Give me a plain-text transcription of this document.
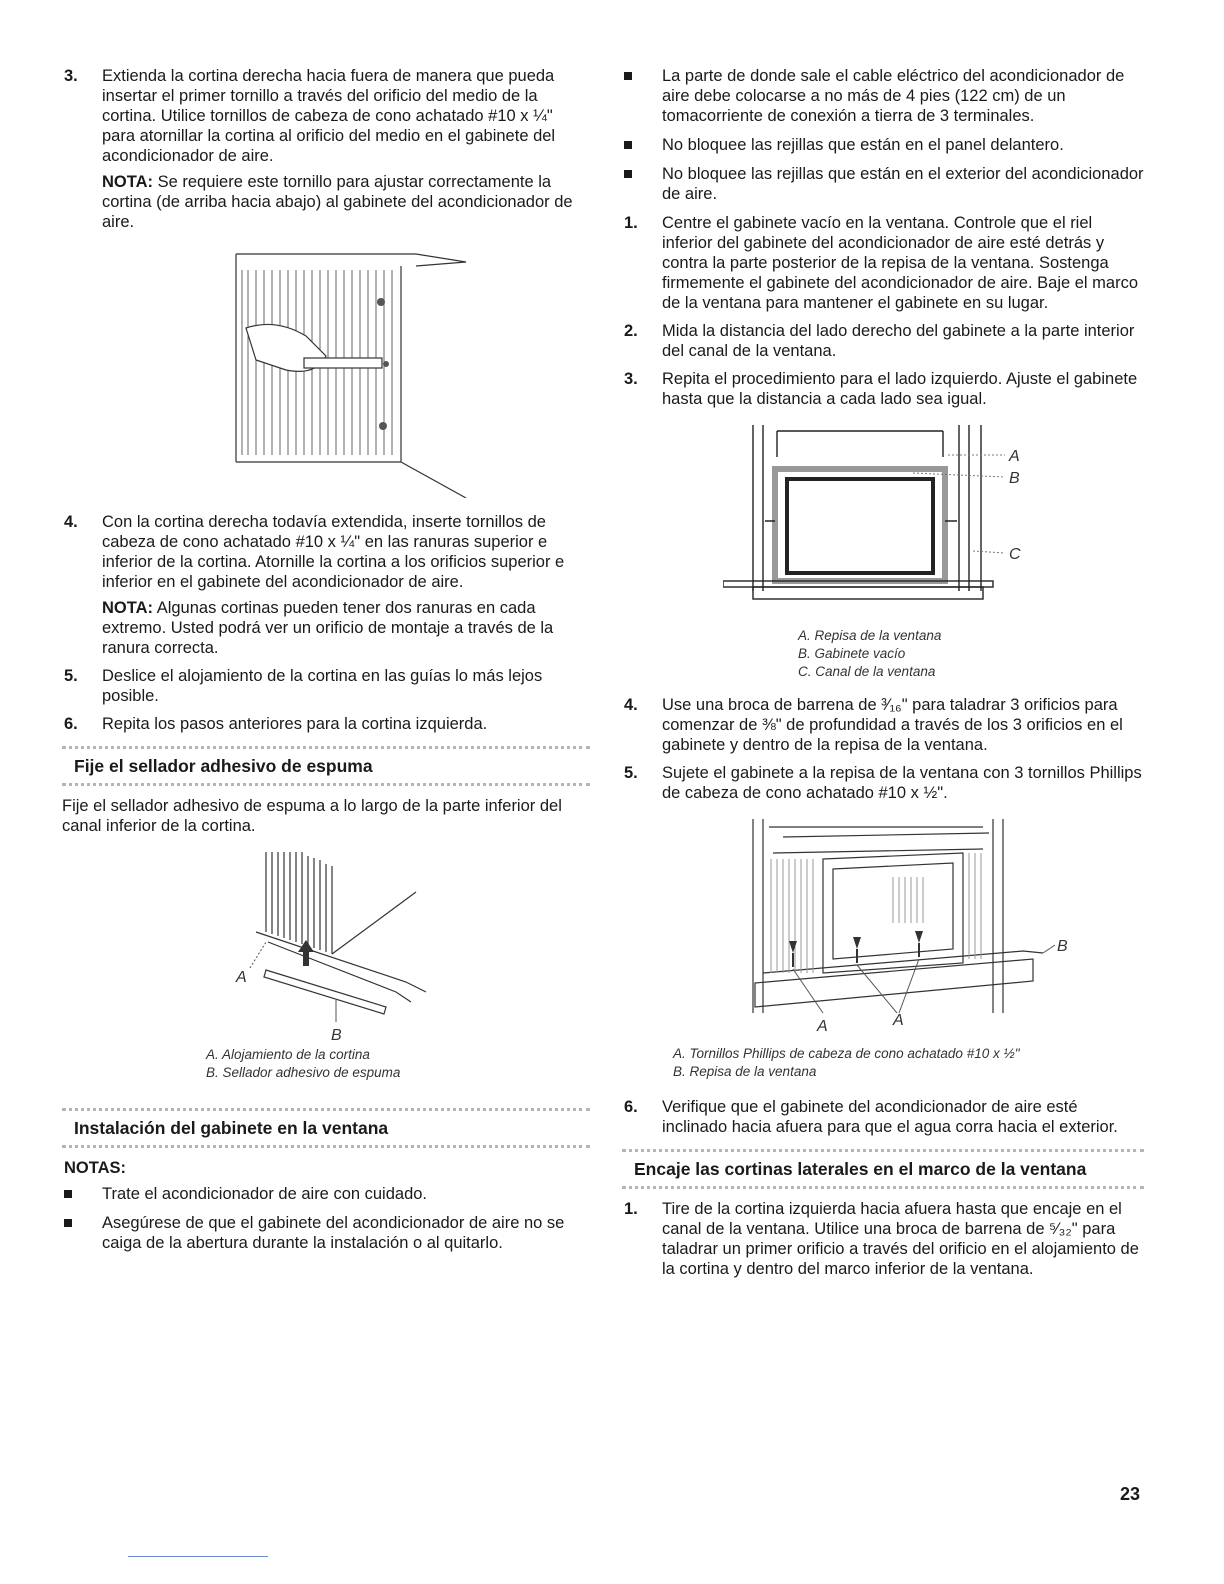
3. Extienda la cortina derecha hacia fuera de manera que pueda insertar el primer tornillo a través del orificio del medio de la cortina. Utilice tornillos de cabeza de cono achatado #10 x ¼" para atornillar la cortina al orificio del medio en el gabinete del acondicionador de aire.
NOTA: Se requiere este tornillo para ajustar correctamente la cortina (de arriba hacia abajo) al gabinete del acondicionador de aire.
4. Con la cortina derecha todavía extendida, inserte tornillos de cabeza de cono achatado #10 x ¼" en las ranuras superior e inferior de la cortina. Atornille la cortina a los orificios superior e inferior en el gabinete del acondicionador de aire.
NOTA: Algunas cortinas pueden tener dos ranuras en cada extremo. Usted podrá ver un orificio de montaje a través de la ranura correcta.
5. Deslice el alojamiento de la cortina en las guías lo más lejos posible.
6. Repita los pasos anteriores para la cortina izquierda.
Fije el sellador adhesivo de espuma
Fije el sellador adhesivo de espuma a lo largo de la parte inferior del canal inferior de la cortina.
A
B
A. Alojamiento de la cortina
B. Sellador adhesivo de espuma
Instalación del gabinete en la ventana
NOTAS:
Trate el acondicionador de aire con cuidado.
Asegúrese de que el gabinete del acondicionador de aire no se caiga de la abertura durante la instalación o al quitarlo.
La parte de donde sale el cable eléctrico del acondicionador de aire debe colocarse a no más de 4 pies (122 cm) de un tomacorriente de conexión a tierra de 3 terminales.
No bloquee las rejillas que están en el panel delantero.
No bloquee las rejillas que están en el exterior del acondicionador de aire.
1. Centre el gabinete vacío en la ventana. Controle que el riel inferior del gabinete del acondicionador de aire esté detrás y contra la parte posterior de la repisa de la ventana. Sostenga firmemente el gabinete del acondicionador de aire. Baje el marco de la ventana para mantener el gabinete en su lugar.
2. Mida la distancia del lado derecho del gabinete a la parte interior del canal de la ventana.
3. Repita el procedimiento para el lado izquierdo. Ajuste el gabinete hasta que la distancia a cada lado sea igual.
A
B
C
A. Repisa de la ventana
B. Gabinete vacío
C. Canal de la ventana
4. Use una broca de barrena de ³⁄₁₆" para taladrar 3 orificios para comenzar de ⅜" de profundidad a través de los 3 orificios en el gabinete y dentro de la repisa de la ventana.
5. Sujete el gabinete a la repisa de la ventana con 3 tornillos Phillips de cabeza de cono achatado #10 x ½".
A	A
B
A. Tornillos Phillips de cabeza de cono achatado #10 x ½"
B. Repisa de la ventana
6. Verifique que el gabinete del acondicionador de aire esté inclinado hacia afuera para que el agua corra hacia el exterior.
Encaje las cortinas laterales en el marco de la ventana
1. Tire de la cortina izquierda hacia afuera hasta que encaje en el canal de la ventana. Utilice una broca de barrena de ⁵⁄₃₂" para taladrar un primer orificio a través del orificio en el alojamiento de la cortina y dentro del marco inferior de la ventana.
23
